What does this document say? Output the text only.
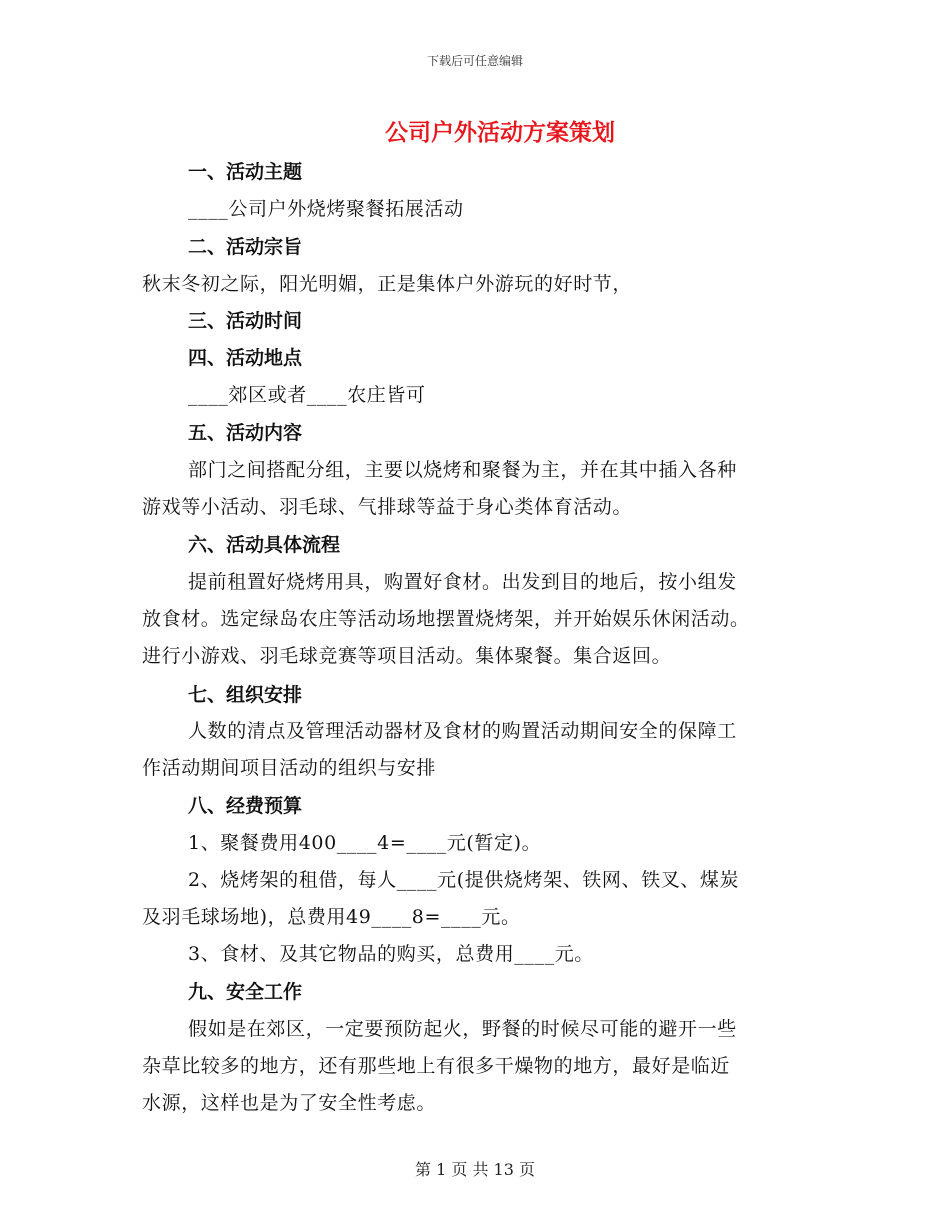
下载后可任意编辑
公司户外活动方案策划
一、活动主题
____公司户外烧烤聚餐拓展活动
二、活动宗旨
秋末冬初之际，阳光明媚，正是集体户外游玩的好时节，
三、活动时间
四、活动地点
____郊区或者____农庄皆可
五、活动内容
部门之间搭配分组，主要以烧烤和聚餐为主，并在其中插入各种
游戏等小活动、羽毛球、气排球等益于身心类体育活动。
六、活动具体流程
提前租置好烧烤用具，购置好食材。出发到目的地后，按小组发
放食材。选定绿岛农庄等活动场地摆置烧烤架，并开始娱乐休闲活动。
进行小游戏、羽毛球竞赛等项目活动。集体聚餐。集合返回。
七、组织安排
人数的清点及管理活动器材及食材的购置活动期间安全的保障工
作活动期间项目活动的组织与安排
八、经费预算
1、聚餐费用400____4=____元(暂定)。
2、烧烤架的租借，每人____元(提供烧烤架、铁网、铁叉、煤炭
及羽毛球场地)，总费用49____8=____元。
3、食材、及其它物品的购买，总费用____元。
九、安全工作
假如是在郊区，一定要预防起火，野餐的时候尽可能的避开一些
杂草比较多的地方，还有那些地上有很多干燥物的地方，最好是临近
水源，这样也是为了安全性考虑。
第 1 页 共 13 页
